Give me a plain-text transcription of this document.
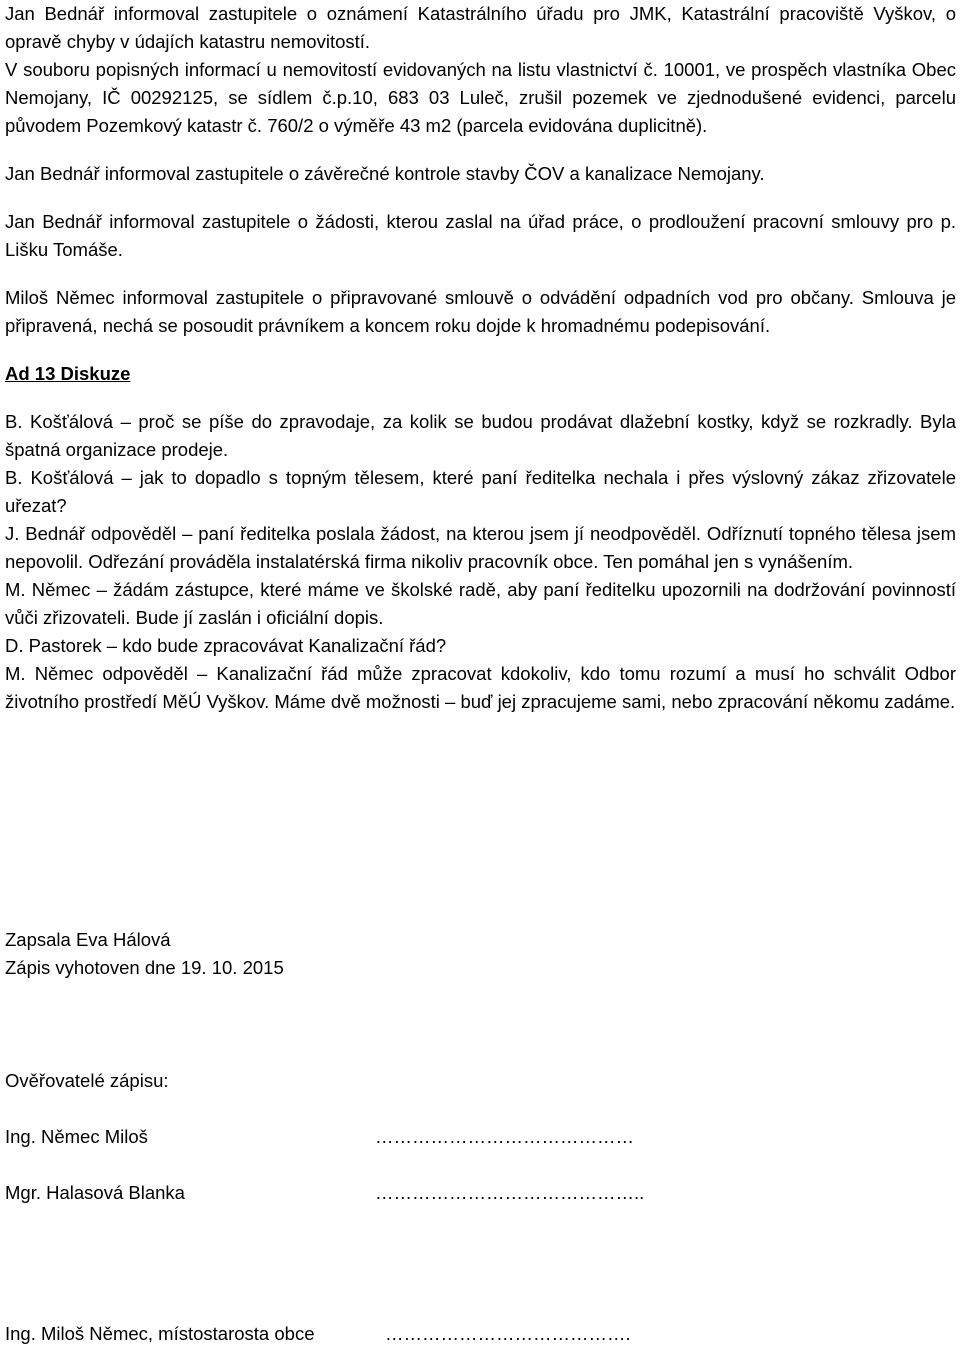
Jan Bednář informoval zastupitele o oznámení Katastrálního úřadu pro JMK, Katastrální pracoviště Vyškov, o opravě chyby v údajích katastru nemovitostí.

V souboru popisných informací u nemovitostí evidovaných na listu vlastnictví č. 10001, ve prospěch vlastníka Obec Nemojany, IČ 00292125, se sídlem č.p.10, 683 03 Luleč, zrušil pozemek ve zjednodušené evidenci, parcelu původem Pozemkový katastr č. 760/2 o výměře 43 m2 (parcela evidována duplicitně).

Jan Bednář informoval zastupitele o závěrečné kontrole stavby ČOV a kanalizace Nemojany.

Jan Bednář informoval zastupitele o žádosti, kterou zaslal na úřad práce, o prodloužení pracovní smlouvy pro p. Lišku Tomáše.

Miloš Němec informoval zastupitele o připravované smlouvě o odvádění odpadních vod pro občany. Smlouva je připravená, nechá se posoudit právníkem a koncem roku dojde k hromadnému podepisování.

Ad 13 Diskuze

B. Košťálová – proč se píše do zpravodaje, za kolik se budou prodávat dlažební kostky, když se rozkradly. Byla špatná organizace prodeje.

B. Košťálová – jak to dopadlo s topným tělesem, které paní ředitelka nechala i přes výslovný zákaz zřizovatele uřezat?

J. Bednář odpověděl – paní ředitelka poslala žádost, na kterou jsem jí neodpověděl. Odříznutí topného tělesa jsem nepovolil. Odřezání prováděla instalatérská firma nikoliv pracovník obce. Ten pomáhal jen s vynášením.

M. Němec – žádám zástupce, které máme ve školské radě, aby paní ředitelku upozornili na dodržování povinností vůči zřizovateli. Bude jí zaslán i oficiální dopis.

D. Pastorek – kdo bude zpracovávat Kanalizační řád?

M. Němec odpověděl – Kanalizační řád může zpracovat kdokoliv, kdo tomu rozumí a musí ho schválit Odbor životního prostředí MěÚ Vyškov. Máme dvě možnosti – buď jej zpracujeme sami, nebo zpracování někomu zadáme.

Zapsala Eva Hálová
Zápis vyhotoven dne 19. 10. 2015
Ověřovatelé zápisu:
Ing. Němec Miloš	……………………………………
Mgr. Halasová Blanka	……………………………………..
Ing. Miloš Němec, místostarosta obce	………………………………….
